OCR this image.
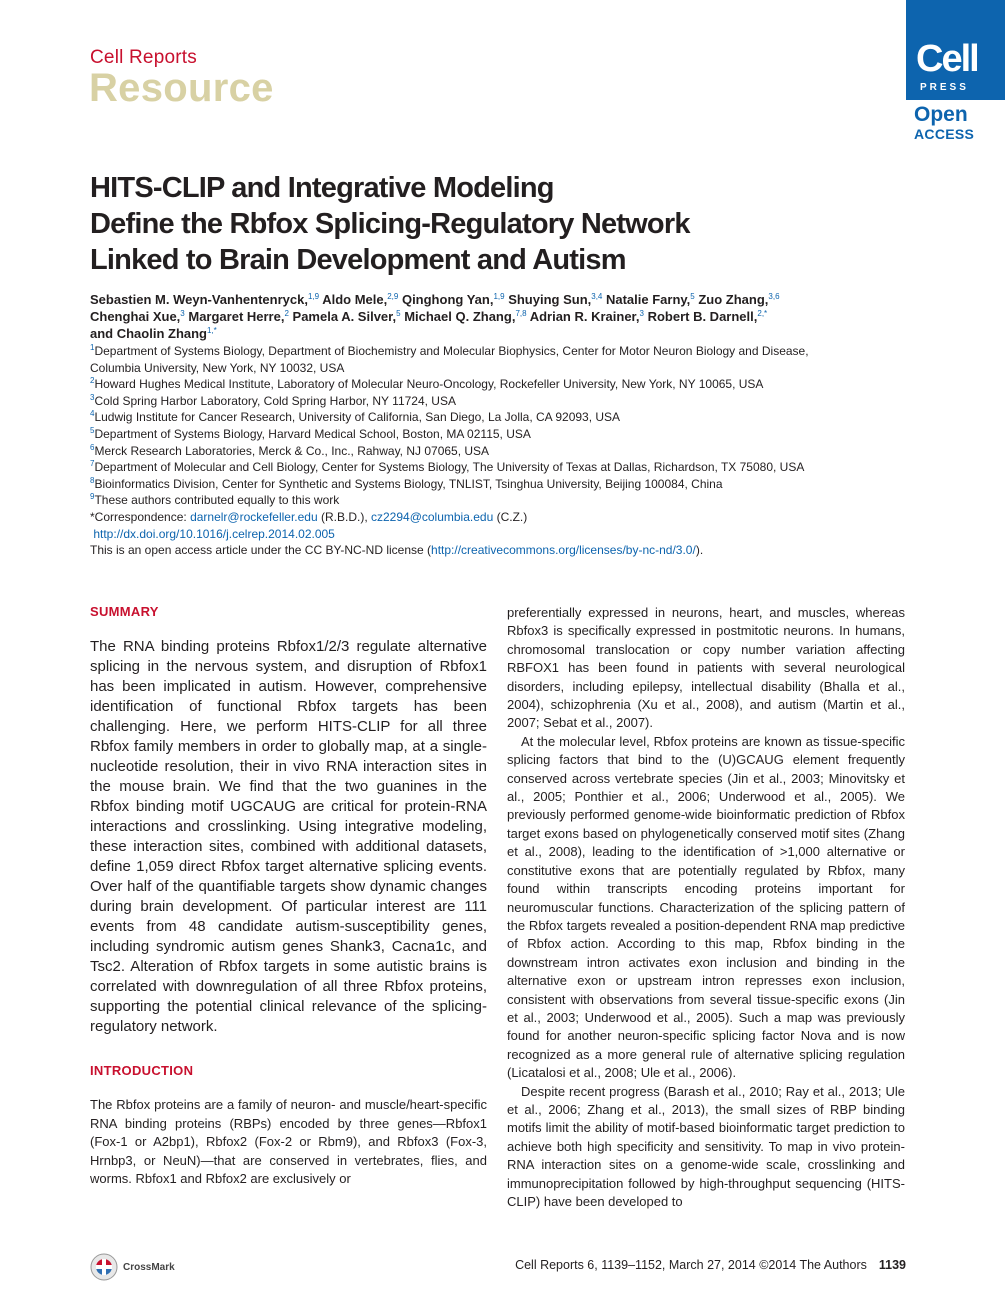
Cell Reports
Resource
Cell
PRESS
Open
ACCESS
HITS-CLIP and Integrative Modeling
Define the Rbfox Splicing-Regulatory Network
Linked to Brain Development and Autism
Sebastien M. Weyn-Vanhentenryck,$^{1,9}$ Aldo Mele,$^{2,9}$ Qinghong Yan,$^{1,9}$ Shuying Sun,$^{3,4}$ Natalie Farny,$^5$ Zuo Zhang,$^{3,6}$
Chenghai Xue,$^3$ Margaret Herre,$^2$ Pamela A. Silver,$^5$ Michael Q. Zhang,$^{7,8}$ Adrian R. Krainer,$^3$ Robert B. Darnell,$^{2,*}$
and Chaolin Zhang$^{1,*}$
$^1$Department of Systems Biology, Department of Biochemistry and Molecular Biophysics, Center for Motor Neuron Biology and Disease,
Columbia University, New York, NY 10032, USA
$^2$Howard Hughes Medical Institute, Laboratory of Molecular Neuro-Oncology, Rockefeller University, New York, NY 10065, USA
$^3$Cold Spring Harbor Laboratory, Cold Spring Harbor, NY 11724, USA
$^4$Ludwig Institute for Cancer Research, University of California, San Diego, La Jolla, CA 92093, USA
$^5$Department of Systems Biology, Harvard Medical School, Boston, MA 02115, USA
$^6$Merck Research Laboratories, Merck & Co., Inc., Rahway, NJ 07065, USA
$^7$Department of Molecular and Cell Biology, Center for Systems Biology, The University of Texas at Dallas, Richardson, TX 75080, USA
$^8$Bioinformatics Division, Center for Synthetic and Systems Biology, TNLIST, Tsinghua University, Beijing 100084, China
$^9$These authors contributed equally to this work
*Correspondence: darnelr@rockefeller.edu (R.B.D.), cz2294@columbia.edu (C.Z.)
http://dx.doi.org/10.1016/j.celrep.2014.02.005
This is an open access article under the CC BY-NC-ND license (http://creativecommons.org/licenses/by-nc-nd/3.0/).
SUMMARY
The RNA binding proteins Rbfox1/2/3 regulate alternative splicing in the nervous system, and disruption of Rbfox1 has been implicated in autism. However, comprehensive identification of functional Rbfox targets has been challenging. Here, we perform HITS-CLIP for all three Rbfox family members in order to globally map, at a single-nucleotide resolution, their in vivo RNA interaction sites in the mouse brain. We find that the two guanines in the Rbfox binding motif UGCAUG are critical for protein-RNA interactions and crosslinking. Using integrative modeling, these interaction sites, combined with additional datasets, define 1,059 direct Rbfox target alternative splicing events. Over half of the quantifiable targets show dynamic changes during brain development. Of particular interest are 111 events from 48 candidate autism-susceptibility genes, including syndromic autism genes Shank3, Cacna1c, and Tsc2. Alteration of Rbfox targets in some autistic brains is correlated with downregulation of all three Rbfox proteins, supporting the potential clinical relevance of the splicing-regulatory network.
INTRODUCTION
The Rbfox proteins are a family of neuron- and muscle/heart-specific RNA binding proteins (RBPs) encoded by three genes—Rbfox1 (Fox-1 or A2bp1), Rbfox2 (Fox-2 or Rbm9), and Rbfox3 (Fox-3, Hrnbp3, or NeuN)—that are conserved in vertebrates, flies, and worms. Rbfox1 and Rbfox2 are exclusively or

preferentially expressed in neurons, heart, and muscles, whereas Rbfox3 is specifically expressed in postmitotic neurons. In humans, chromosomal translocation or copy number variation affecting RBFOX1 has been found in patients with several neurological disorders, including epilepsy, intellectual disability (Bhalla et al., 2004), schizophrenia (Xu et al., 2008), and autism (Martin et al., 2007; Sebat et al., 2007).

At the molecular level, Rbfox proteins are known as tissue-specific splicing factors that bind to the (U)GCAUG element frequently conserved across vertebrate species (Jin et al., 2003; Minovitsky et al., 2005; Ponthier et al., 2006; Underwood et al., 2005). We previously performed genome-wide bioinformatic prediction of Rbfox target exons based on phylogenetically conserved motif sites (Zhang et al., 2008), leading to the identification of >1,000 alternative or constitutive exons that are potentially regulated by Rbfox, many found within transcripts encoding proteins important for neuromuscular functions. Characterization of the splicing pattern of the Rbfox targets revealed a position-dependent RNA map predictive of Rbfox action. According to this map, Rbfox binding in the downstream intron activates exon inclusion and binding in the alternative exon or upstream intron represses exon inclusion, consistent with observations from several tissue-specific exons (Jin et al., 2003; Underwood et al., 2005). Such a map was previously found for another neuron-specific splicing factor Nova and is now recognized as a more general rule of alternative splicing regulation (Licatalosi et al., 2008; Ule et al., 2006).

Despite recent progress (Barash et al., 2010; Ray et al., 2013; Ule et al., 2006; Zhang et al., 2013), the small sizes of RBP binding motifs limit the ability of motif-based bioinformatic target prediction to achieve both high specificity and sensitivity. To map in vivo protein-RNA interaction sites on a genome-wide scale, crosslinking and immunoprecipitation followed by high-throughput sequencing (HITS-CLIP) have been developed to

CrossMark	Cell Reports 6, 1139–1152, March 27, 2014 ©2014 The Authors 1139
